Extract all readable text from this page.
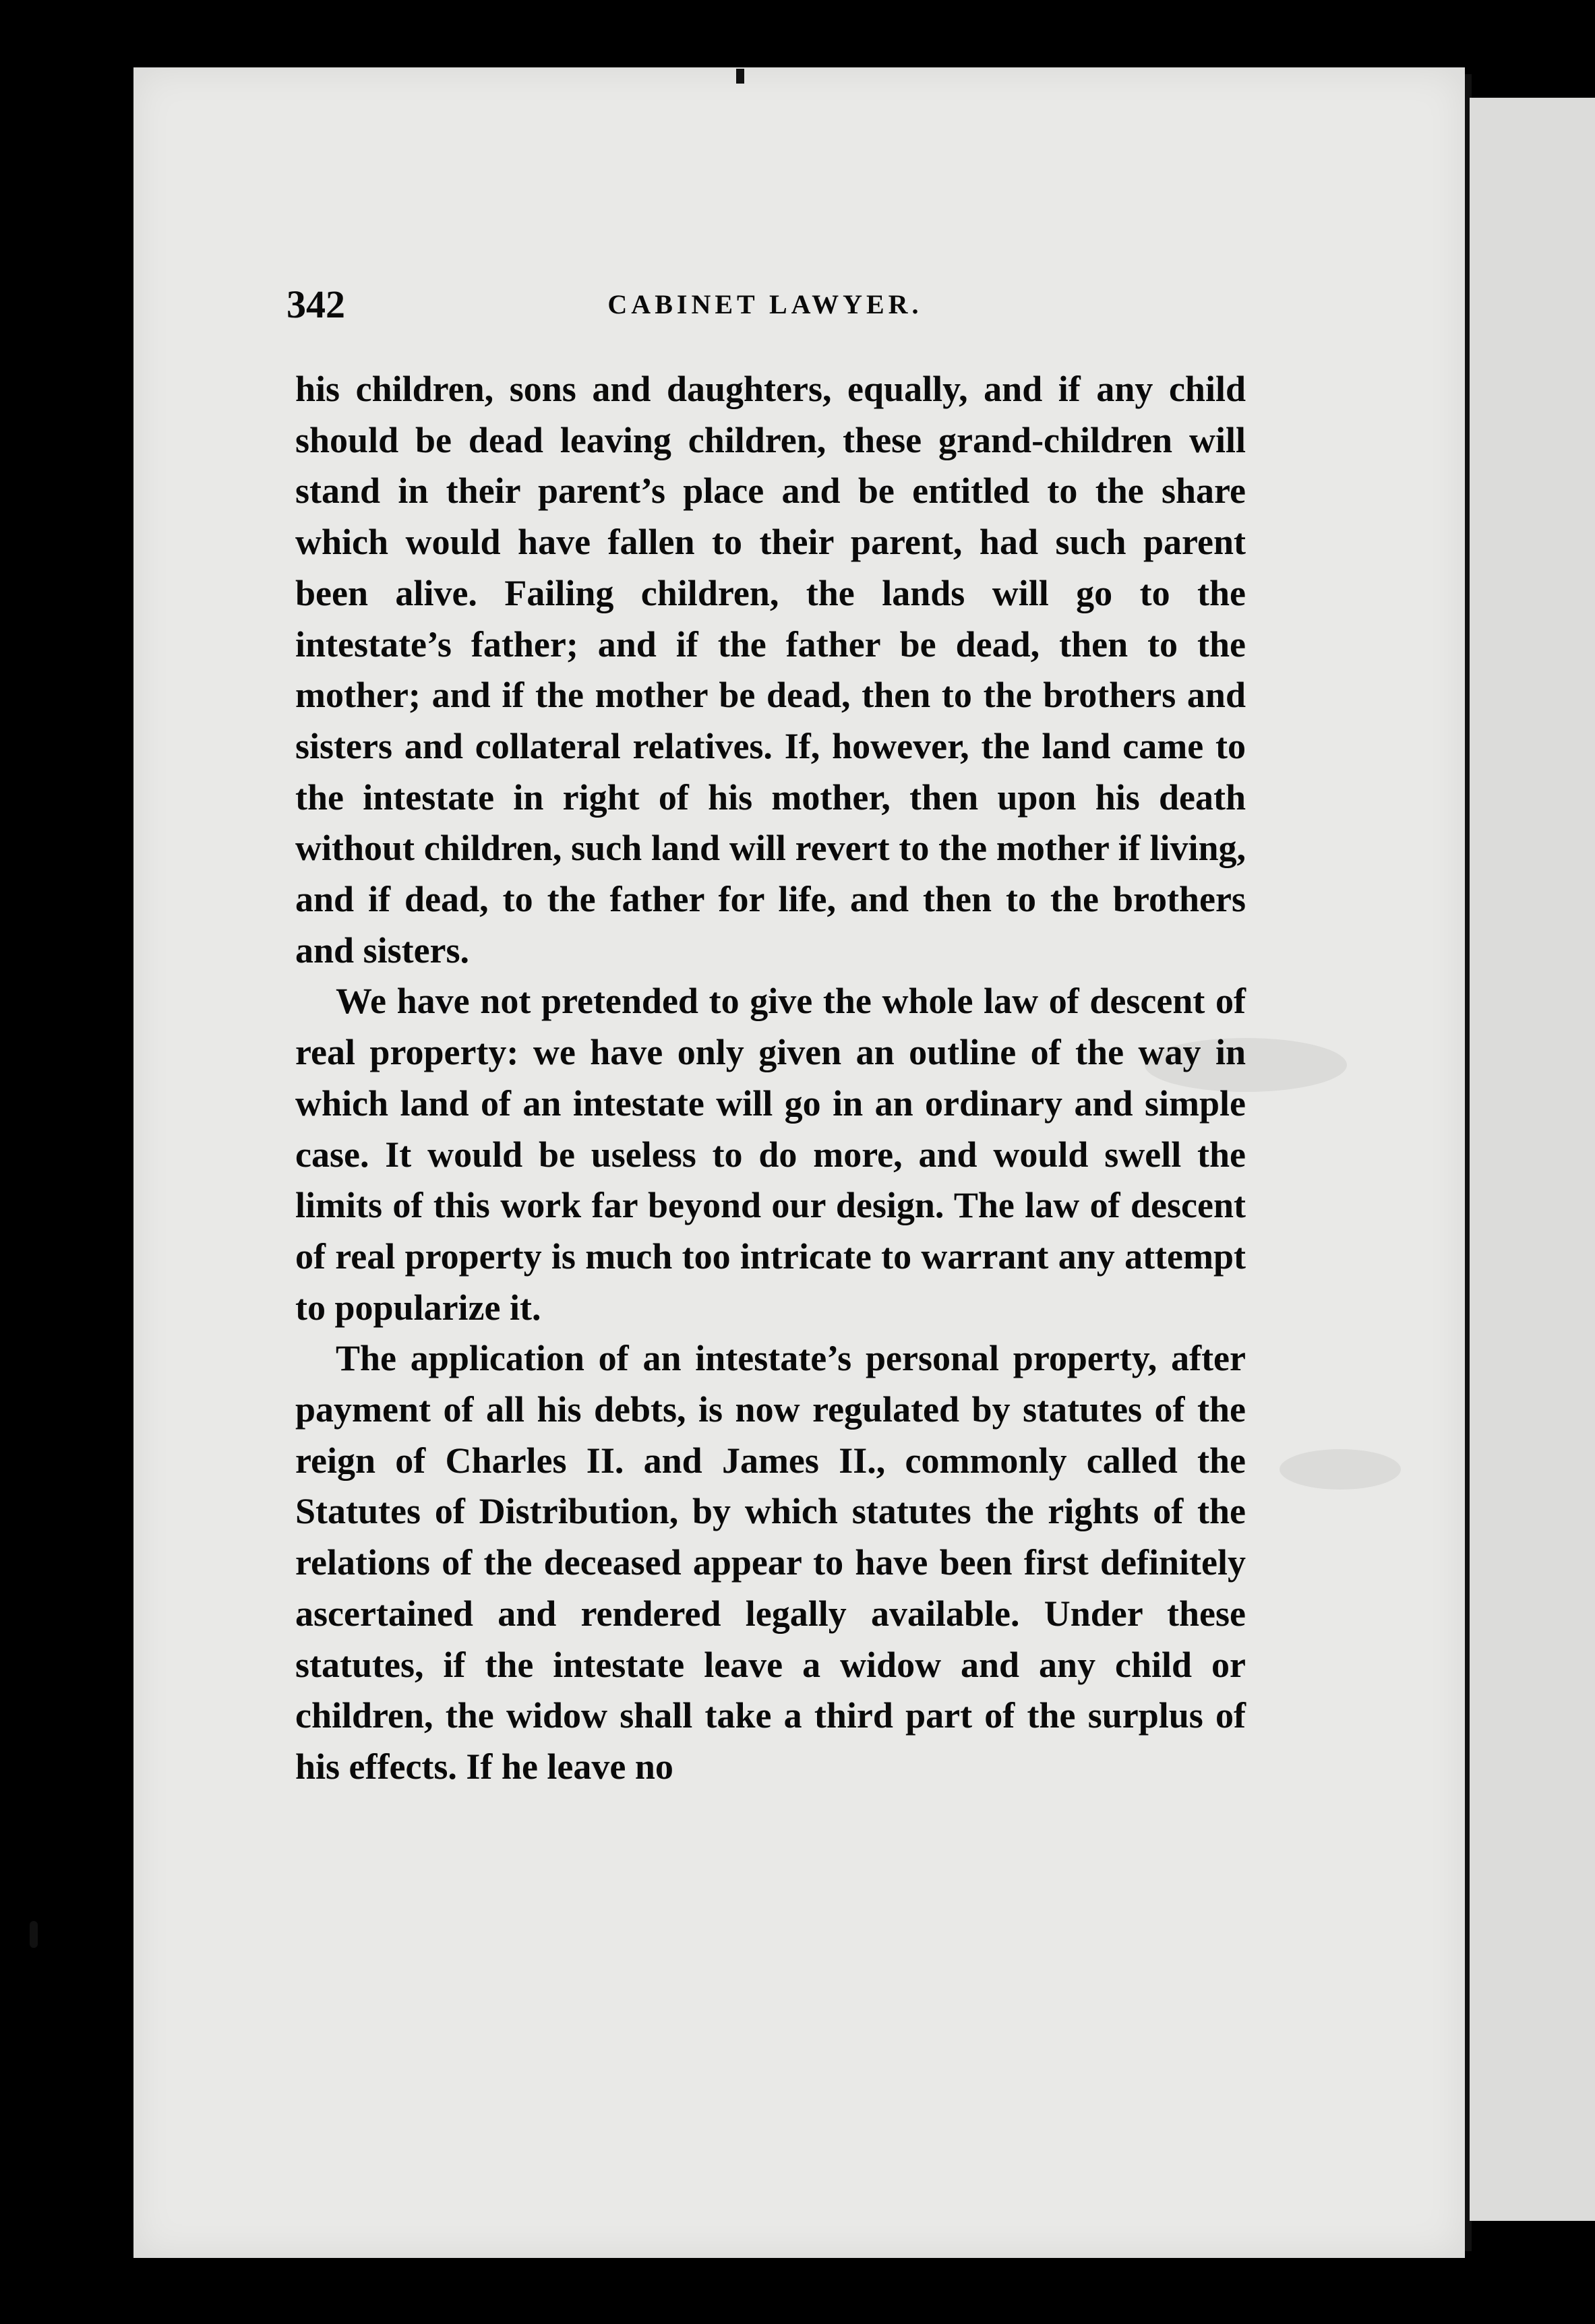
342	CABINET LAWYER.

his children, sons and daughters, equally, and if any child should be dead leaving children, these grand-children will stand in their parent’s place and be entitled to the share which would have fallen to their parent, had such parent been alive. Failing children, the lands will go to the intestate’s father; and if the father be dead, then to the mother; and if the mother be dead, then to the brothers and sisters and collateral relatives. If, however, the land came to the intestate in right of his mother, then upon his death without children, such land will revert to the mother if living, and if dead, to the father for life, and then to the brothers and sisters.

We have not pretended to give the whole law of descent of real property: we have only given an outline of the way in which land of an intestate will go in an ordinary and simple case. It would be useless to do more, and would swell the limits of this work far beyond our design. The law of descent of real property is much too intricate to warrant any attempt to popularize it.

The application of an intestate’s personal property, after payment of all his debts, is now regulated by statutes of the reign of Charles II. and James II., commonly called the Statutes of Distribution, by which statutes the rights of the relations of the deceased appear to have been first definitely ascertained and rendered legally available. Under these statutes, if the intestate leave a widow and any child or children, the widow shall take a third part of the surplus of his effects. If he leave no
